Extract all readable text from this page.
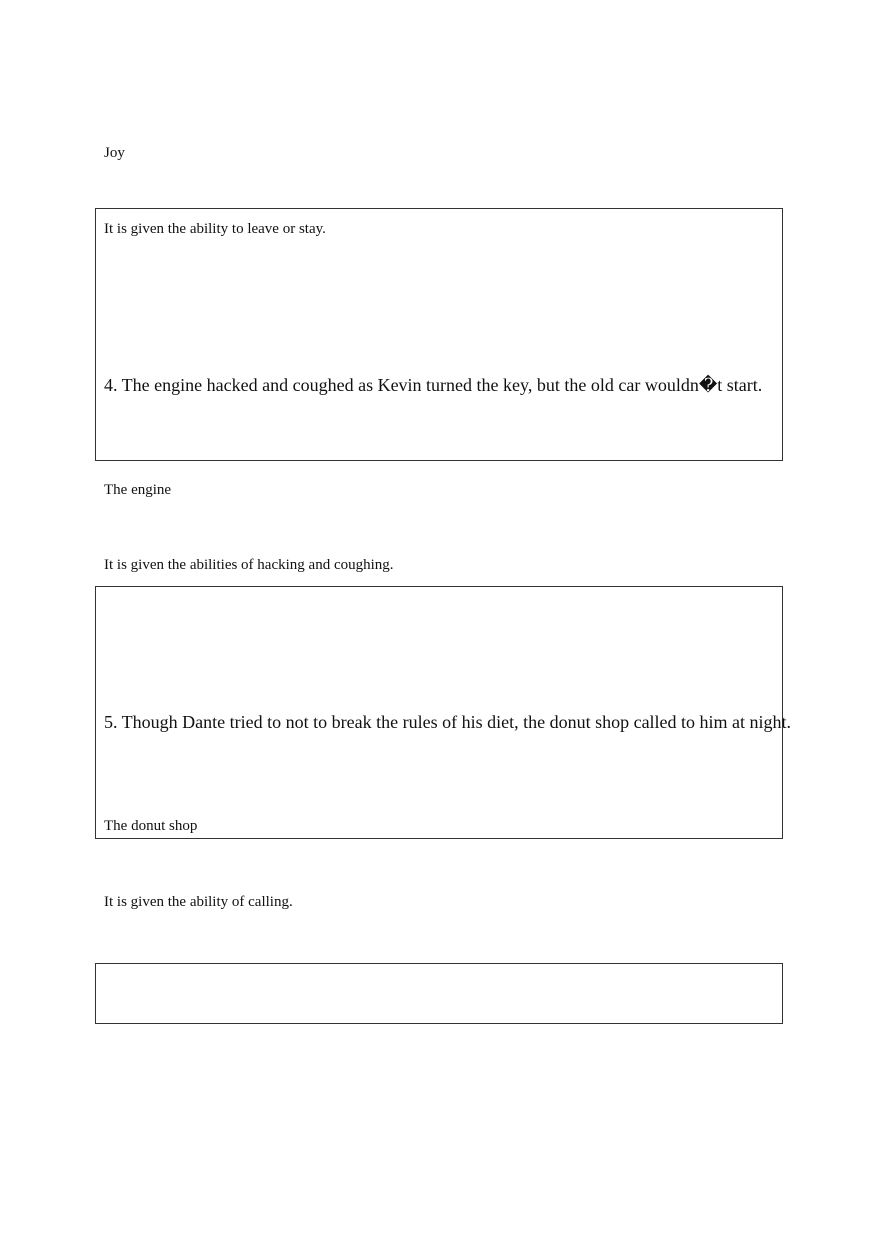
Joy
It is given the ability to leave or stay.
4. The engine hacked and coughed as Kevin turned the key, but the old car wouldn�t start.
The engine
It is given the abilities of hacking and coughing.
5. Though Dante tried to not to break the rules of his diet, the donut shop called to him at night.
The donut shop
It is given the ability of calling.
